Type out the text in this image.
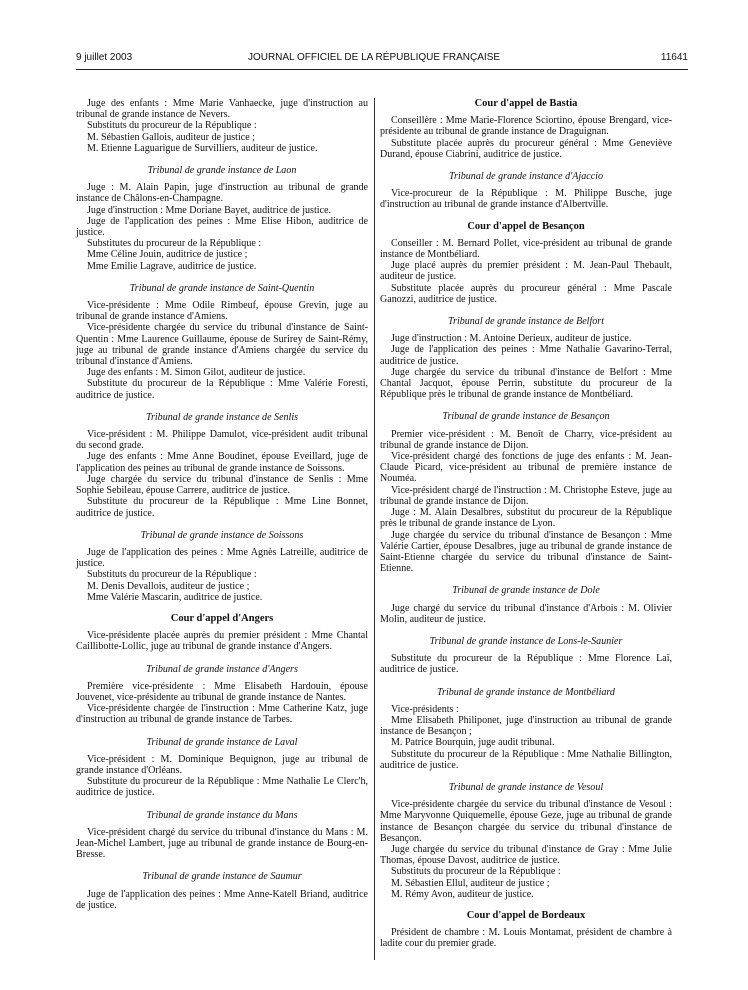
9 juillet 2003	JOURNAL OFFICIEL DE LA RÉPUBLIQUE FRANÇAISE	11641
Juge des enfants : Mme Marie Vanhaecke, juge d'instruction au tribunal de grande instance de Nevers.
Substituts du procureur de la République :
M. Sébastien Gallois, auditeur de justice ;
M. Etienne Laguarigue de Survilliers, auditeur de justice.
Tribunal de grande instance de Laon
Juge : M. Alain Papin, juge d'instruction au tribunal de grande instance de Châlons-en-Champagne.
Juge d'instruction : Mme Doriane Bayet, auditrice de justice.
Juge de l'application des peines : Mme Elise Hibon, auditrice de justice.
Substitutes du procureur de la République :
Mme Céline Jouin, auditrice de justice ;
Mme Emilie Lagrave, auditrice de justice.
Tribunal de grande instance de Saint-Quentin
Vice-présidente : Mme Odile Rimbeuf, épouse Grevin, juge au tribunal de grande instance d'Amiens.
Vice-présidente chargée du service du tribunal d'instance de Saint-Quentin : Mme Laurence Guillaume, épouse de Surirey de Saint-Rémy, juge au tribunal de grande instance d'Amiens chargée du service du tribunal d'instance d'Amiens.
Juge des enfants : M. Simon Gilot, auditeur de justice.
Substitute du procureur de la République : Mme Valérie Foresti, auditrice de justice.
Tribunal de grande instance de Senlis
Vice-président : M. Philippe Damulot, vice-président audit tribunal du second grade.
Juge des enfants : Mme Anne Boudinet, épouse Eveillard, juge de l'application des peines au tribunal de grande instance de Soissons.
Juge chargée du service du tribunal d'instance de Senlis : Mme Sophie Sebileau, épouse Carrere, auditrice de justice.
Substitute du procureur de la République : Mme Line Bonnet, auditrice de justice.
Tribunal de grande instance de Soissons
Juge de l'application des peines : Mme Agnès Latreille, auditrice de justice.
Substituts du procureur de la République :
M. Denis Devallois, auditeur de justice ;
Mme Valérie Mascarin, auditrice de justice.
Cour d'appel d'Angers
Vice-présidente placée auprès du premier président : Mme Chantal Caillibotte-Lollic, juge au tribunal de grande instance d'Angers.
Tribunal de grande instance d'Angers
Première vice-présidente : Mme Elisabeth Hardouin, épouse Jouvenet, vice-présidente au tribunal de grande instance de Nantes.
Vice-présidente chargée de l'instruction : Mme Catherine Katz, juge d'instruction au tribunal de grande instance de Tarbes.
Tribunal de grande instance de Laval
Vice-président : M. Dominique Bequignon, juge au tribunal de grande instance d'Orléans.
Substitute du procureur de la République : Mme Nathalie Le Clerc'h, auditrice de justice.
Tribunal de grande instance du Mans
Vice-président chargé du service du tribunal d'instance du Mans : M. Jean-Michel Lambert, juge au tribunal de grande instance de Bourg-en-Bresse.
Tribunal de grande instance de Saumur
Juge de l'application des peines : Mme Anne-Katell Briand, auditrice de justice.
Cour d'appel de Bastia
Conseillère : Mme Marie-Florence Sciortino, épouse Brengard, vice-présidente au tribunal de grande instance de Draguignan.
Substitute placée auprès du procureur général : Mme Geneviève Durand, épouse Ciabrini, auditrice de justice.
Tribunal de grande instance d'Ajaccio
Vice-procureur de la République : M. Philippe Busche, juge d'instruction au tribunal de grande instance d'Albertville.
Cour d'appel de Besançon
Conseiller : M. Bernard Pollet, vice-président au tribunal de grande instance de Montbéliard.
Juge placé auprès du premier président : M. Jean-Paul Thebault, auditeur de justice.
Substitute placée auprès du procureur général : Mme Pascale Ganozzi, auditrice de justice.
Tribunal de grande instance de Belfort
Juge d'instruction : M. Antoine Derieux, auditeur de justice.
Juge de l'application des peines : Mme Nathalie Gavarino-Terral, auditrice de justice.
Juge chargée du service du tribunal d'instance de Belfort : Mme Chantal Jacquot, épouse Perrin, substitute du procureur de la République près le tribunal de grande instance de Montbéliard.
Tribunal de grande instance de Besançon
Premier vice-président : M. Benoît de Charry, vice-président au tribunal de grande instance de Dijon.
Vice-président chargé des fonctions de juge des enfants : M. Jean-Claude Picard, vice-président au tribunal de première instance de Nouméa.
Vice-président chargé de l'instruction : M. Christophe Esteve, juge au tribunal de grande instance de Dijon.
Juge : M. Alain Desalbres, substitut du procureur de la République près le tribunal de grande instance de Lyon.
Juge chargée du service du tribunal d'instance de Besançon : Mme Valérie Cartier, épouse Desalbres, juge au tribunal de grande instance de Saint-Etienne chargée du service du tribunal d'instance de Saint-Etienne.
Tribunal de grande instance de Dole
Juge chargé du service du tribunal d'instance d'Arbois : M. Olivier Molin, auditeur de justice.
Tribunal de grande instance de Lons-le-Saunier
Substitute du procureur de la République : Mme Florence Laï, auditrice de justice.
Tribunal de grande instance de Montbéliard
Vice-présidents :
Mme Elisabeth Philiponet, juge d'instruction au tribunal de grande instance de Besançon ;
M. Patrice Bourquin, juge audit tribunal.
Substitute du procureur de la République : Mme Nathalie Billington, auditrice de justice.
Tribunal de grande instance de Vesoul
Vice-présidente chargée du service du tribunal d'instance de Vesoul : Mme Maryvonne Quiquemelle, épouse Geze, juge au tribunal de grande instance de Besançon chargée du service du tribunal d'instance de Besançon.
Juge chargée du service du tribunal d'instance de Gray : Mme Julie Thomas, épouse Davost, auditrice de justice.
Substituts du procureur de la République :
M. Sébastien Ellul, auditeur de justice ;
M. Rémy Avon, auditeur de justice.
Cour d'appel de Bordeaux
Président de chambre : M. Louis Montamat, président de chambre à ladite cour du premier grade.
